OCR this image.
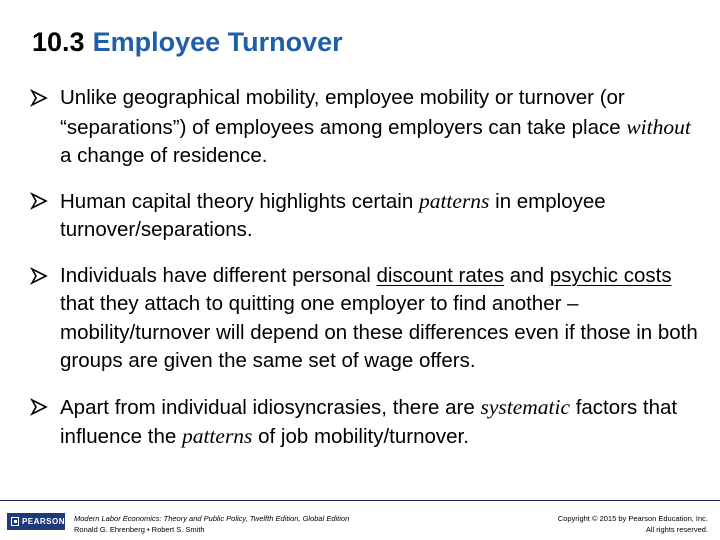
10.3 Employee Turnover
Unlike geographical mobility, employee mobility or turnover (or “separations”) of employees among employers can take place without a change of residence.
Human capital theory highlights certain patterns in employee turnover/separations.
Individuals have different personal discount rates and psychic costs that they attach to quitting one employer to find another – mobility/turnover will depend on these differences even if those in both groups are given the same set of wage offers.
Apart from individual idiosyncrasies, there are systematic factors that influence the patterns of job mobility/turnover.
PEARSON Modern Labor Economics: Theory and Public Policy, Twelfth Edition, Global Edition
Ronald G. Ehrenberg • Robert S. Smith
Copyright © 2015 by Pearson Education, Inc.
All rights reserved.
